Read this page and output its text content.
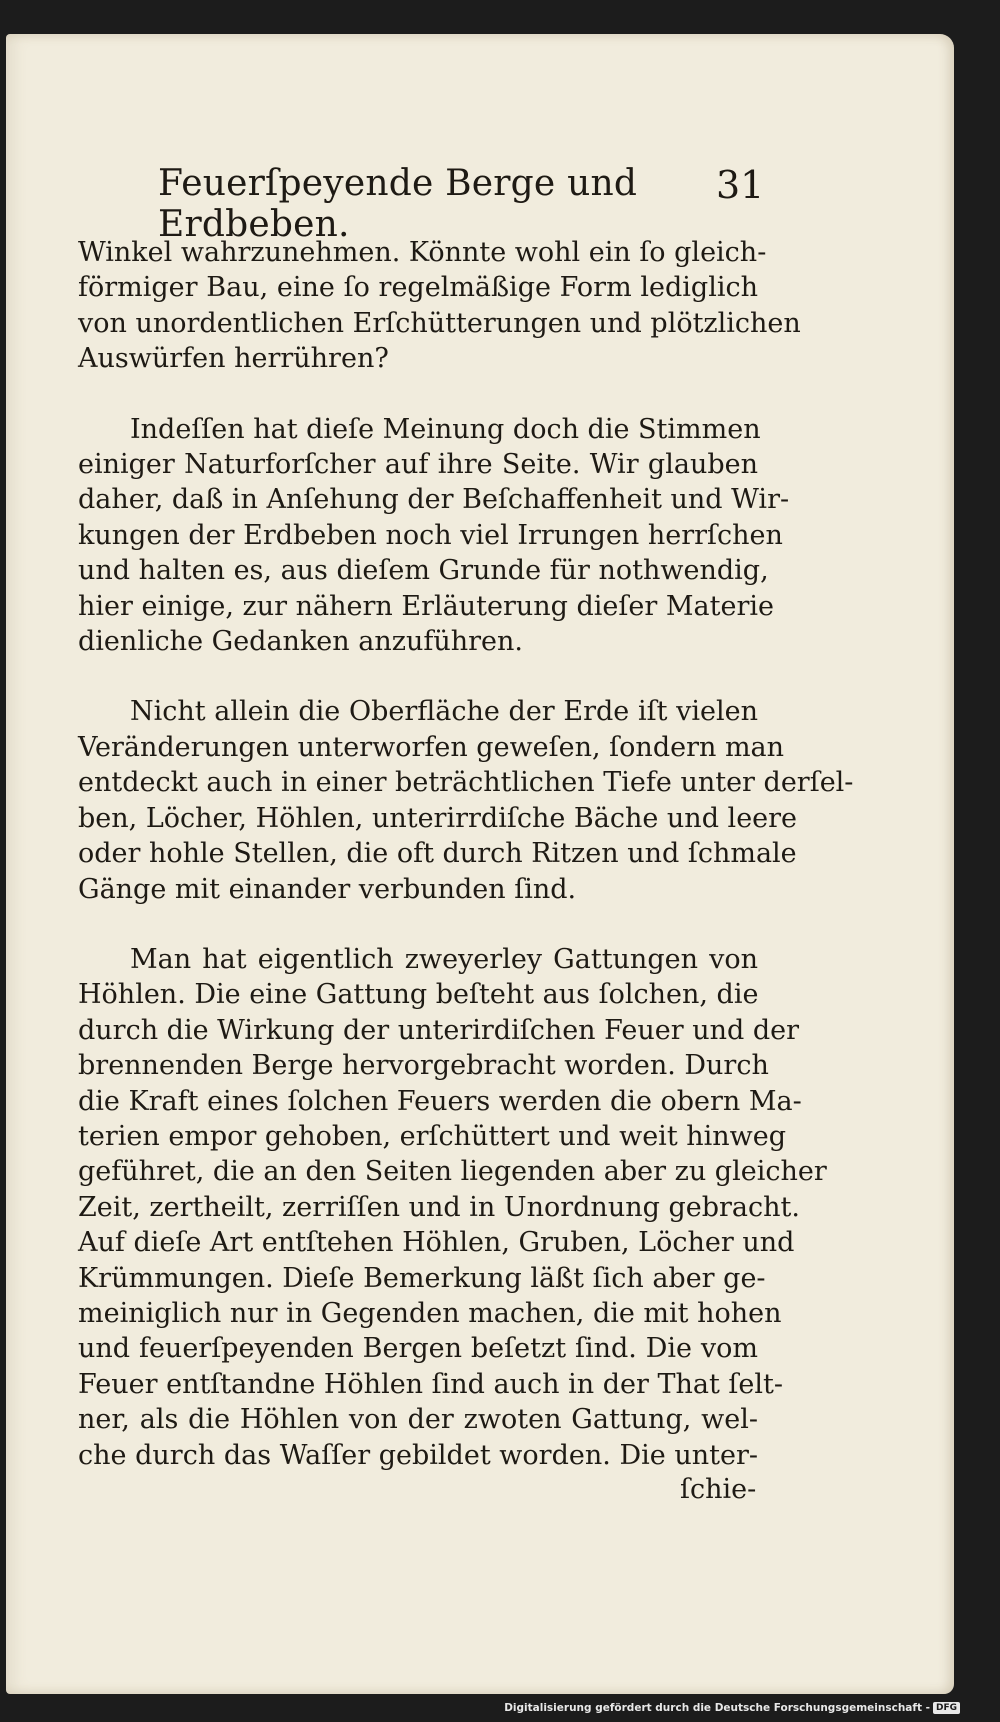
Feuerſpeyende Berge und Erdbeben.
31
Winkel wahrzunehmen. Könnte wohl ein ſo gleich-
förmiger Bau, eine ſo regelmäßige Form lediglich
von unordentlichen Erſchütterungen und plötzlichen
Auswürfen herrühren?
Indeſſen hat dieſe Meinung doch die Stimmen
einiger Naturforſcher auf ihre Seite. Wir glauben
daher, daß in Anſehung der Beſchaffenheit und Wir-
kungen der Erdbeben noch viel Irrungen herrſchen
und halten es, aus dieſem Grunde für nothwendig,
hier einige, zur nähern Erläuterung dieſer Materie
dienliche Gedanken anzuführen.
Nicht allein die Oberfläche der Erde iſt vielen
Veränderungen unterworfen geweſen, ſondern man
entdeckt auch in einer beträchtlichen Tiefe unter derſel-
ben, Löcher, Höhlen, unterirrdiſche Bäche und leere
oder hohle Stellen, die oft durch Ritzen und ſchmale
Gänge mit einander verbunden ſind.
Man hat eigentlich zweyerley Gattungen von
Höhlen. Die eine Gattung beſteht aus ſolchen, die
durch die Wirkung der unterirdiſchen Feuer und der
brennenden Berge hervorgebracht worden. Durch
die Kraft eines ſolchen Feuers werden die obern Ma-
terien empor gehoben, erſchüttert und weit hinweg
geführet, die an den Seiten liegenden aber zu gleicher
Zeit, zertheilt, zerriſſen und in Unordnung gebracht.
Auf dieſe Art entſtehen Höhlen, Gruben, Löcher und
Krümmungen. Dieſe Bemerkung läßt ſich aber ge-
meiniglich nur in Gegenden machen, die mit hohen
und feuerſpeyenden Bergen beſetzt ſind. Die vom
Feuer entſtandne Höhlen ſind auch in der That ſelt-
ner, als die Höhlen von der zwoten Gattung, wel-
che durch das Waſſer gebildet worden. Die unter-
ſchie-
Digitalisierung gefördert durch die Deutsche Forschungsgemeinschaft - DFG
